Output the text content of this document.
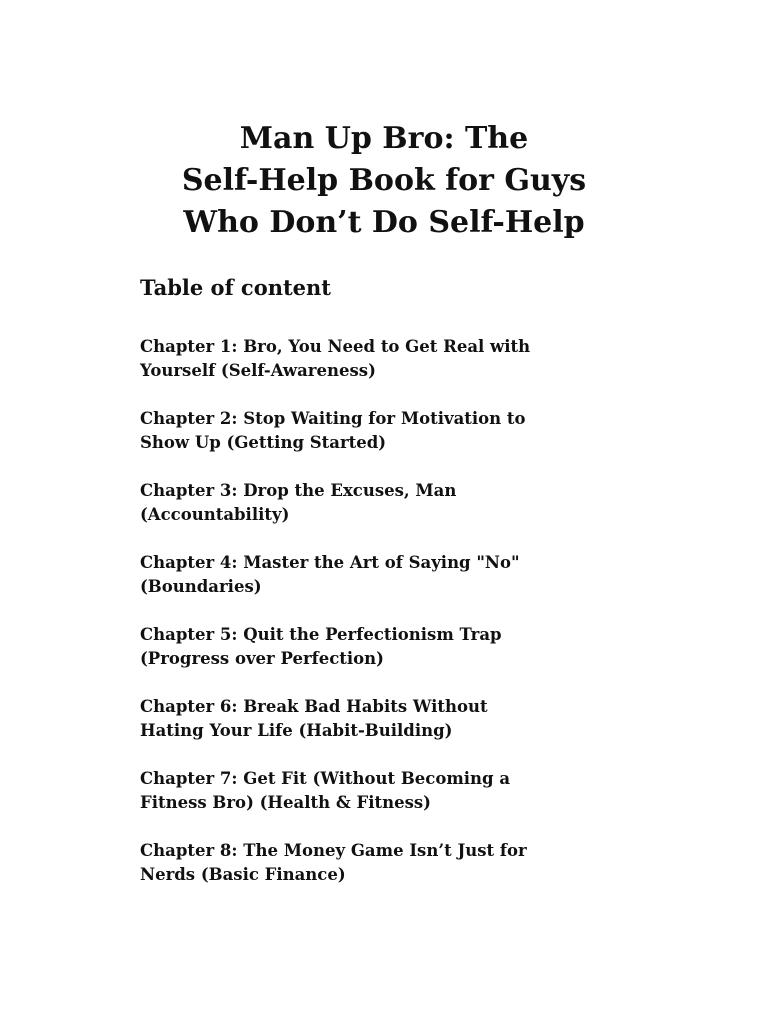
Man Up Bro: The
Self-Help Book for Guys
Who Don’t Do Self-Help
Table of content
Chapter 1: Bro, You Need to Get Real with
Yourself (Self-Awareness)
Chapter 2: Stop Waiting for Motivation to
Show Up (Getting Started)
Chapter 3: Drop the Excuses, Man
(Accountability)
Chapter 4: Master the Art of Saying "No"
(Boundaries)
Chapter 5: Quit the Perfectionism Trap
(Progress over Perfection)
Chapter 6: Break Bad Habits Without
Hating Your Life (Habit-Building)
Chapter 7: Get Fit (Without Becoming a
Fitness Bro) (Health & Fitness)
Chapter 8: The Money Game Isn’t Just for
Nerds (Basic Finance)
